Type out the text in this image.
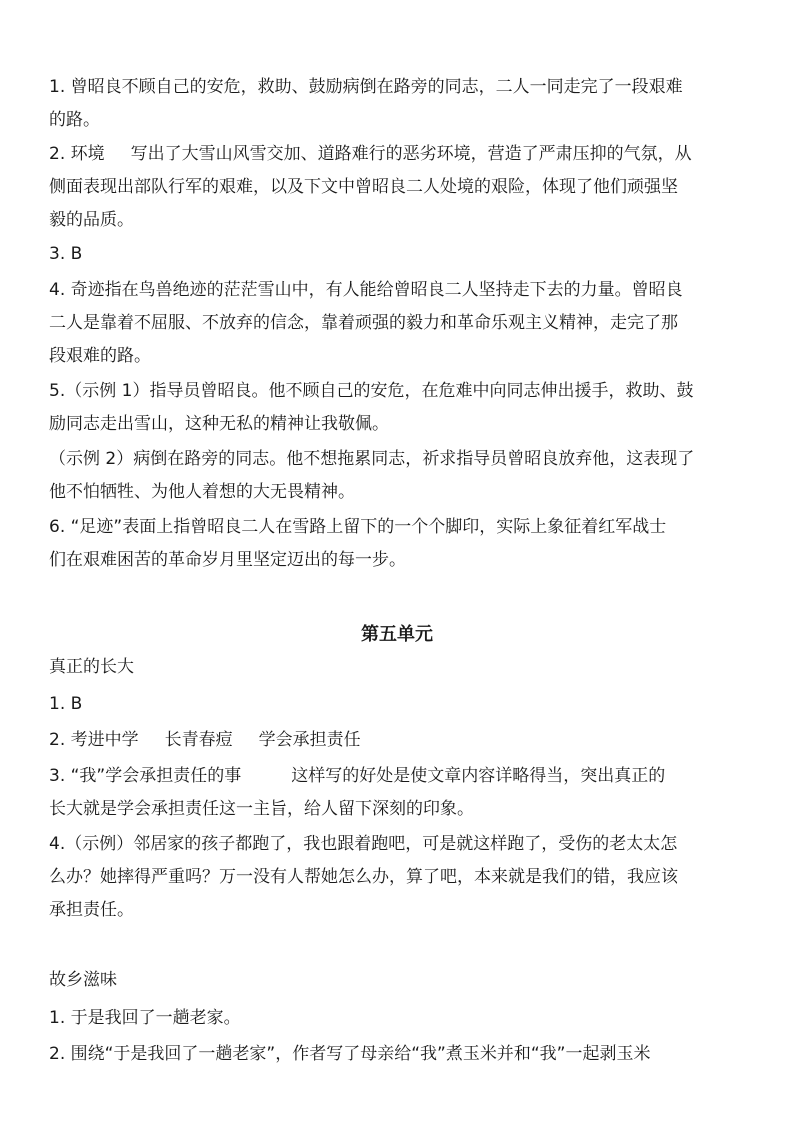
1. 曾昭良不顾自己的安危，救助、鼓励病倒在路旁的同志，二人一同走完了一段艰难
的路。

2. 环境 写出了大雪山风雪交加、道路难行的恶劣环境，营造了严肃压抑的气氛，从
侧面表现出部队行军的艰难，以及下文中曾昭良二人处境的艰险，体现了他们顽强坚
毅的品质。

3. B

4. 奇迹指在鸟兽绝迹的茫茫雪山中，有人能给曾昭良二人坚持走下去的力量。曾昭良
二人是靠着不屈服、不放弃的信念，靠着顽强的毅力和革命乐观主义精神，走完了那
段艰难的路。

5.（示例 1）指导员曾昭良。他不顾自己的安危，在危难中向同志伸出援手，救助、鼓
励同志走出雪山，这种无私的精神让我敬佩。

（示例 2）病倒在路旁的同志。他不想拖累同志，祈求指导员曾昭良放弃他，这表现了
他不怕牺牲、为他人着想的大无畏精神。

6. “足迹”表面上指曾昭良二人在雪路上留下的一个个脚印，实际上象征着红军战士
们在艰难困苦的革命岁月里坚定迈出的每一步。

第五单元

真正的长大

1. B

2. 考进中学 长青春痘 学会承担责任

3. “我”学会承担责任的事	这样写的好处是使文章内容详略得当，突出真正的
长大就是学会承担责任这一主旨，给人留下深刻的印象。

4.（示例）邻居家的孩子都跑了，我也跟着跑吧，可是就这样跑了，受伤的老太太怎
么办？她摔得严重吗？万一没有人帮她怎么办，算了吧，本来就是我们的错，我应该
承担责任。

故乡滋味

1. 于是我回了一趟老家。

2. 围绕“于是我回了一趟老家”，作者写了母亲给“我”煮玉米并和“我”一起剥玉米
